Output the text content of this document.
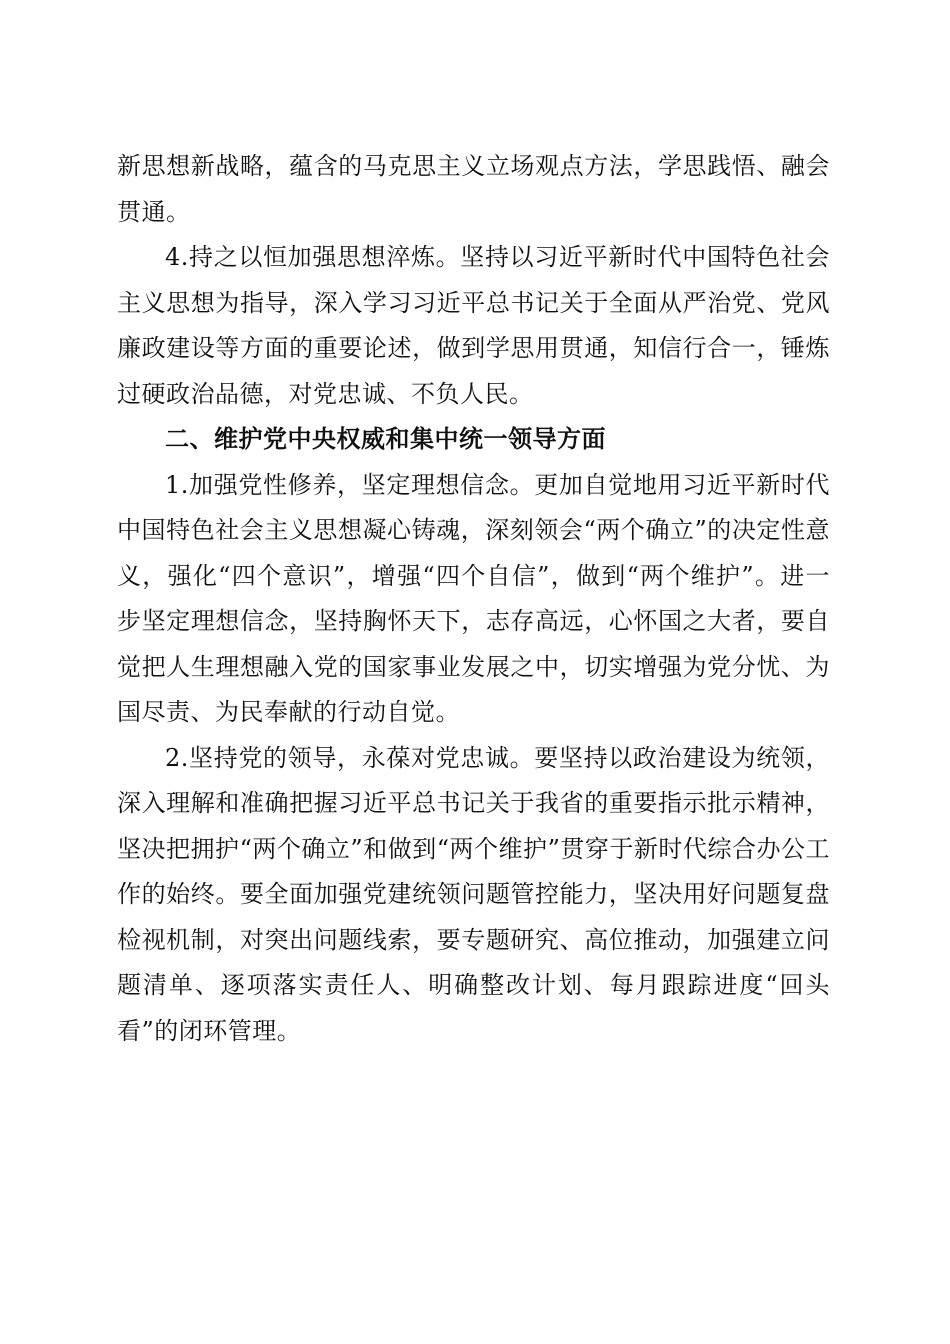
新思想新战略，蕴含的马克思主义立场观点方法，学思践悟、融会贯通。

4.持之以恒加强思想淬炼。坚持以习近平新时代中国特色社会主义思想为指导，深入学习习近平总书记关于全面从严治党、党风廉政建设等方面的重要论述，做到学思用贯通，知信行合一，锤炼过硬政治品德，对党忠诚、不负人民。

二、维护党中央权威和集中统一领导方面

1.加强党性修养，坚定理想信念。更加自觉地用习近平新时代中国特色社会主义思想凝心铸魂，深刻领会“两个确立”的决定性意义，强化“四个意识”，增强“四个自信”，做到“两个维护”。进一步坚定理想信念，坚持胸怀天下，志存高远，心怀国之大者，要自觉把人生理想融入党的国家事业发展之中，切实增强为党分忧、为国尽责、为民奉献的行动自觉。

2.坚持党的领导，永葆对党忠诚。要坚持以政治建设为统领，深入理解和准确把握习近平总书记关于我省的重要指示批示精神，坚决把拥护“两个确立”和做到“两个维护”贯穿于新时代综合办公工作的始终。要全面加强党建统领问题管控能力，坚决用好问题复盘检视机制，对突出问题线索，要专题研究、高位推动，加强建立问题清单、逐项落实责任人、明确整改计划、每月跟踪进度“回头看”的闭环管理。
